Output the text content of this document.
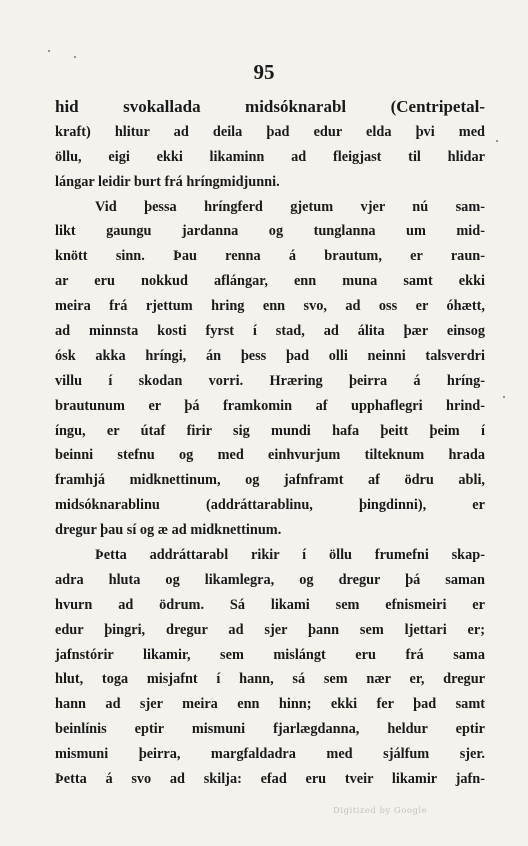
95
hid svokallada midsóknarabl (Centripetal-
kraft) hlitur ad deila þad edur elda þvi med
öllu, eigi ekki likaminn ad fleigjast til hlidar
lángar leidir burt frá hríngmidjunni.
Vid þessa hríngferd gjetum vjer nú sam-
likt gaungu jardanna og tunglanna um mid-
knött sinn. Þau renna á brautum, er raun-
ar eru nokkud aflángar, enn muna samt ekki
meira frá rjettum hring enn svo, ad oss er óhætt,
ad minnsta kosti fyrst í stad, ad álita þær einsog
ósk akka hríngi, án þess þad olli neinni talsverdri
villu í skodan vorri. Hræring þeirra á hríng-
brautunum er þá framkomin af upphaflegri hrind-
íngu, er útaf firir sig mundi hafa þeitt þeim í
beinni stefnu og med einhvurjum tilteknum hrada
framhjá midknettinum, og jafnframt af ödru abli,
midsóknarablinu (addráttarablinu, þingdinni), er
dregur þau sí og æ ad midknettinum.
Þetta addráttarabl rikir í öllu frumefni skap-
adra hluta og likamlegra, og dregur þá saman
hvurn ad ödrum. Sá likami sem efnismeiri er
edur þingri, dregur ad sjer þann sem ljettari er;
jafnstórir likamir, sem mislángt eru frá sama
hlut, toga misjafnt í hann, sá sem nær er, dregur
hann ad sjer meira enn hinn; ekki fer þad samt
beinlínis eptir mismuni fjarlægdanna, heldur eptir
mismuni þeirra, margfaldadra med sjálfum sjer.
Þetta á svo ad skilja: efad eru tveir likamir jafn-
Digitized by Google
